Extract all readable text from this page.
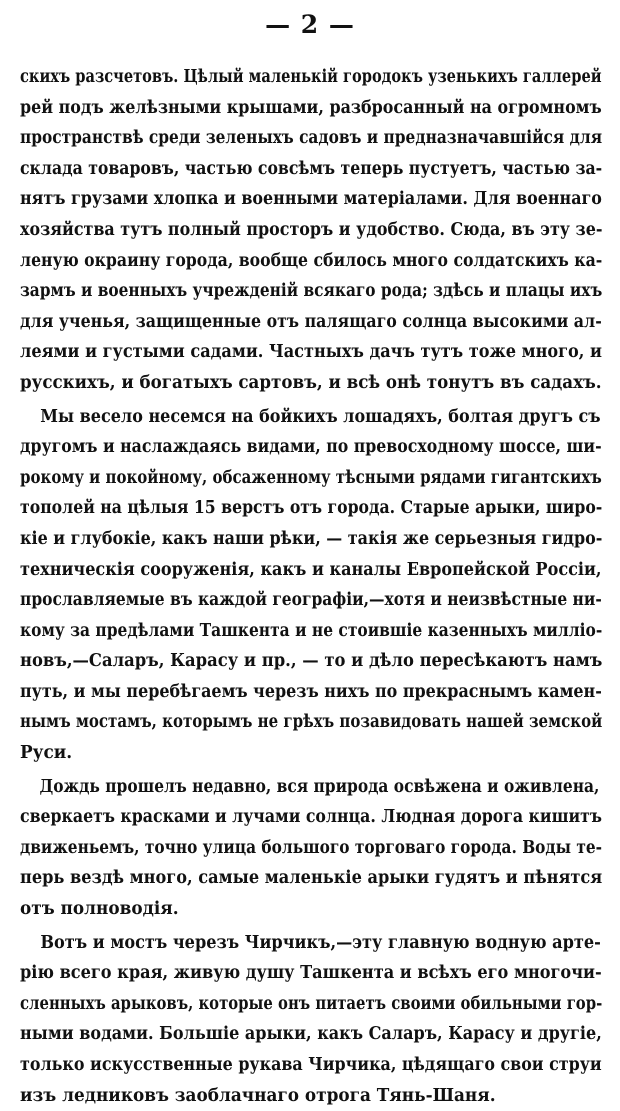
— 2 —
скихъ разсчетовъ. Цѣлый маленькій городокъ узенькихъ галлерей
рей подъ желѣзными крышами, разбросанный на огромномъ
пространствѣ среди зеленыхъ садовъ и предназначавшійся для
склада товаровъ, частью совсѣмъ теперь пустуетъ, частью за-
нятъ грузами хлопка и военными матеріалами. Для военнаго
хозяйства тутъ полный просторъ и удобство. Сюда, въ эту зе-
леную окраину города, вообще сбилось много солдатскихъ ка-
зармъ и военныхъ учрежденій всякаго рода; здѣсь и плацы ихъ
для ученья, защищенные отъ палящаго солнца высокими ал-
леями и густыми садами. Частныхъ дачъ тутъ тоже много, и
русскихъ, и богатыхъ сартовъ, и всѣ онѣ тонутъ въ садахъ.
Мы весело несемся на бойкихъ лошадяхъ, болтая другъ съ
другомъ и наслаждаясь видами, по превосходному шоссе, ши-
рокому и покойному, обсаженному тѣсными рядами гигантскихъ
тополей на цѣлыя 15 верстъ отъ города. Старые арыки, широ-
кіе и глубокіе, какъ наши рѣки, — такія же серьезныя гидро-
техническія сооруженія, какъ и каналы Европейской Россіи,
прославляемые въ каждой географіи,—хотя и неизвѣстные ни-
кому за предѣлами Ташкента и не стоившіе казенныхъ милліо-
новъ,—Саларъ, Карасу и пр., — то и дѣло пересѣкаютъ намъ
путь, и мы перебѣгаемъ черезъ нихъ по прекраснымъ камен-
нымъ мостамъ, которымъ не грѣхъ позавидовать нашей земской
Руси.
Дождь прошелъ недавно, вся природа освѣжена и оживлена,
сверкаетъ красками и лучами солнца. Людная дорога кишитъ
движеньемъ, точно улица большого торговаго города. Воды те-
перь вездѣ много, самые маленькіе арыки гудятъ и пѣнятся
отъ полноводія.
Вотъ и мостъ черезъ Чирчикъ,—эту главную водную арте-
рію всего края, живую душу Ташкента и всѣхъ его многочи-
сленныхъ арыковъ, которые онъ питаетъ своими обильными гор-
ными водами. Большіе арыки, какъ Саларъ, Карасу и другіе,
только искусственные рукава Чирчика, цѣдящаго свои струи
изъ ледниковъ заоблачнаго отрога Тянь-Шаня.
